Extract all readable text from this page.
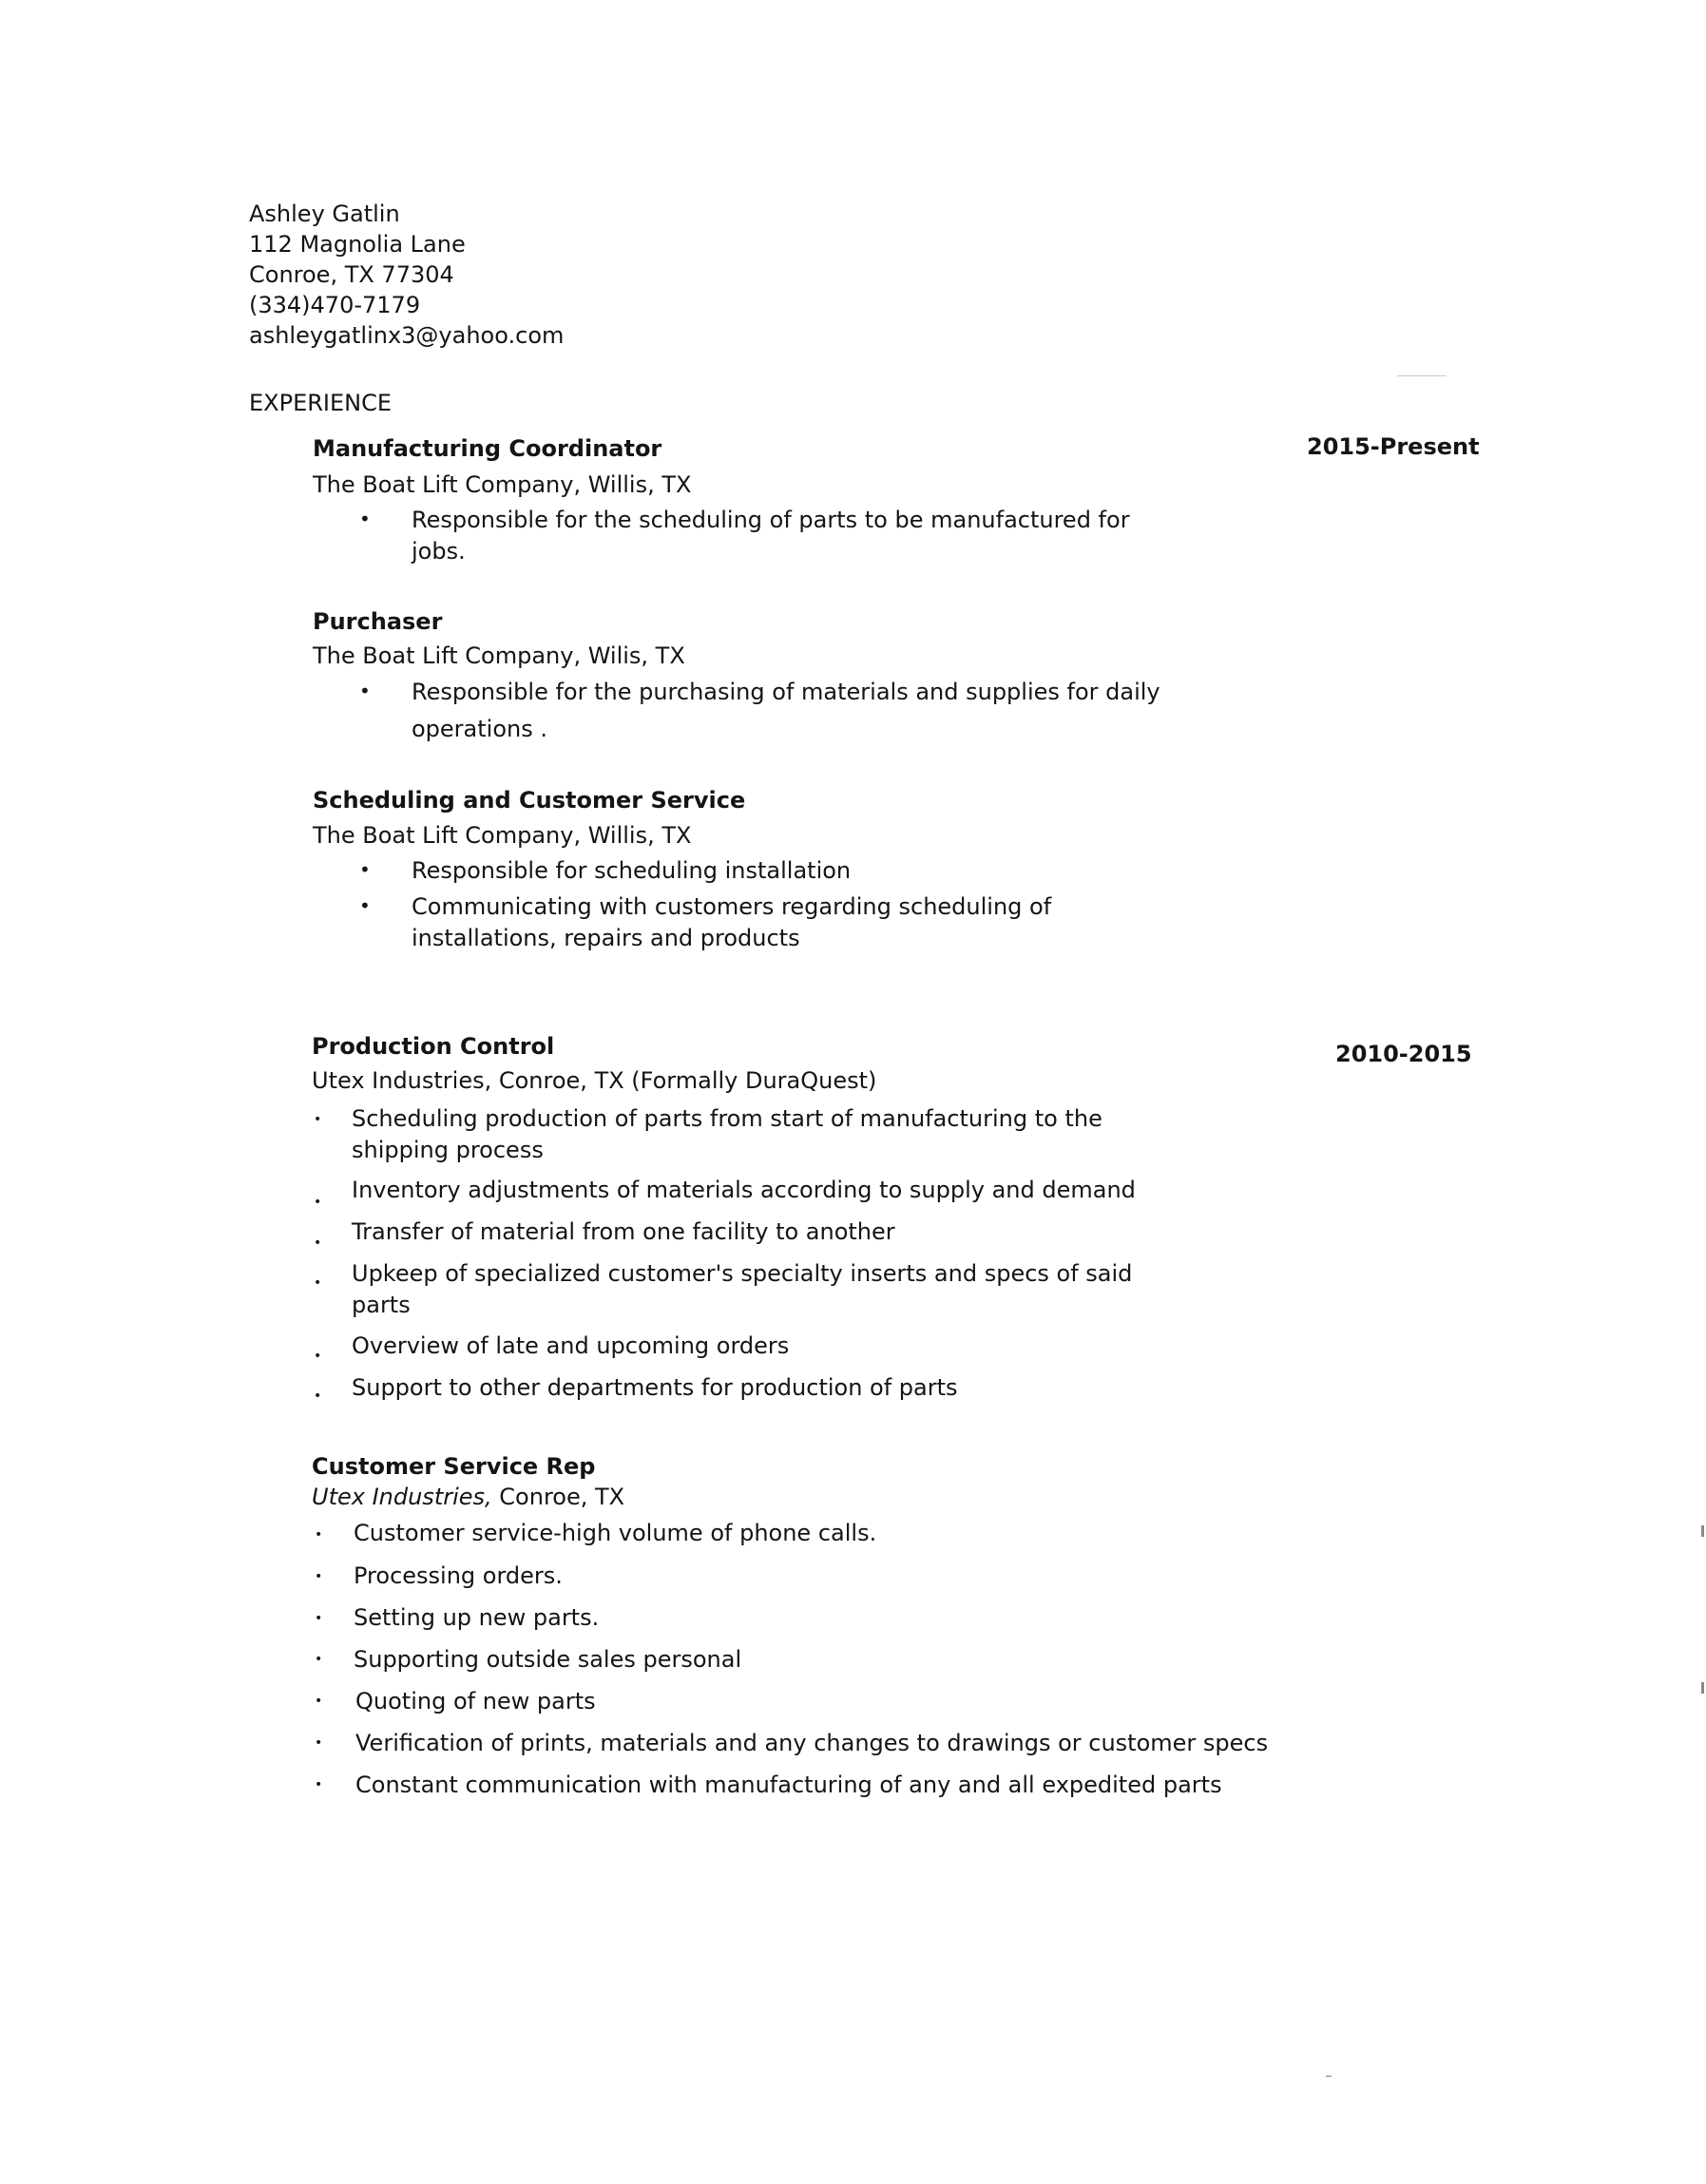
Ashley Gatlin
112 Magnolia Lane
Conroe, TX 77304
(334)470-7179
ashleygatlinx3@yahoo.com
EXPERIENCE
Manufacturing Coordinator	2015-Present
The Boat Lift Company, Willis, TX
• Responsible for the scheduling of parts to be manufactured for
jobs.
Purchaser
The Boat Lift Company, Wilis, TX
• Responsible for the purchasing of materials and supplies for daily
operations .
Scheduling and Customer Service
The Boat Lift Company, Willis, TX
• Responsible for scheduling installation
• Communicating with customers regarding scheduling of
installations, repairs and products
Production Control	2010-2015
Utex Industries, Conroe, TX (Formally DuraQuest)
• Scheduling production of parts from start of manufacturing to the
shipping process
• Inventory adjustments of materials according to supply and demand
• Transfer of material from one facility to another
• Upkeep of specialized customer's specialty inserts and specs of said
parts
• Overview of late and upcoming orders
• Support to other departments for production of parts
Customer Service Rep
Utex Industries, Conroe, TX
• Customer service-high volume of phone calls.
• Processing orders.
• Setting up new parts.
• Supporting outside sales personal
• Quoting of new parts
• Verification of prints, materials and any changes to drawings or customer specs
• Constant communication with manufacturing of any and all expedited parts
